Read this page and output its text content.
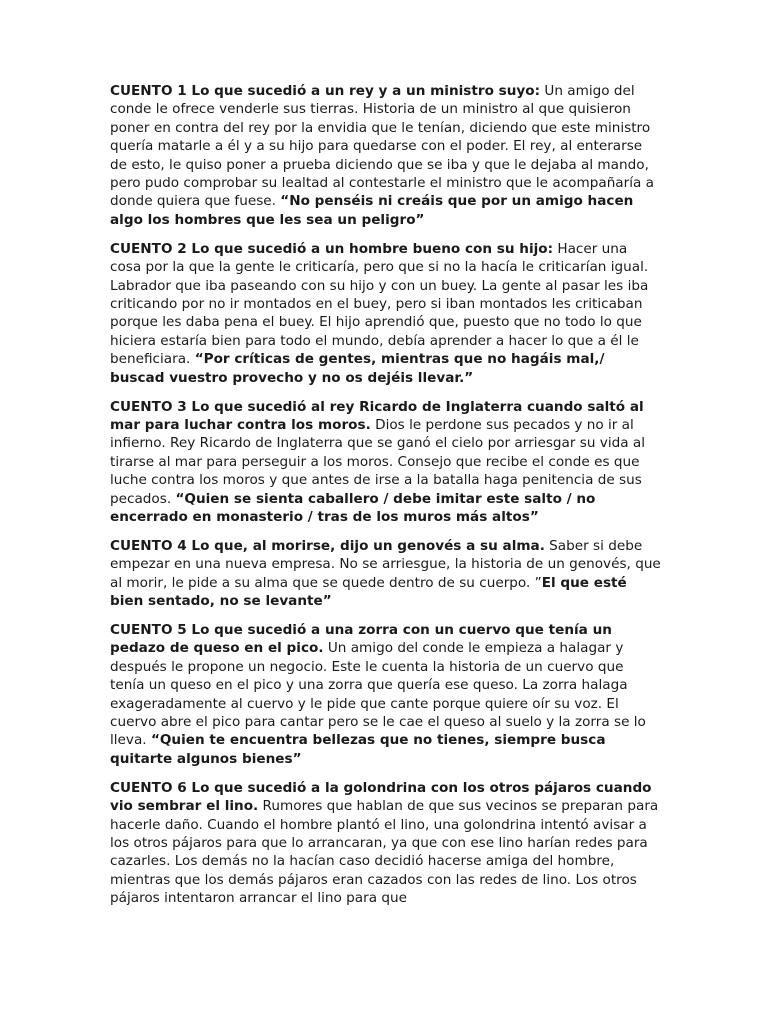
CUENTO 1 Lo que sucedió a un rey y a un ministro suyo: Un amigo del conde le ofrece venderle sus tierras. Historia de un ministro al que quisieron poner en contra del rey por la envidia que le tenían, diciendo que este ministro quería matarle a él y a su hijo para quedarse con el poder. El rey, al enterarse de esto, le quiso poner a prueba diciendo que se iba y que le dejaba al mando, pero pudo comprobar su lealtad al contestarle el ministro que le acompañaría a donde quiera que fuese. “No penséis ni creáis que por un amigo hacen algo los hombres que les sea un peligro”

CUENTO 2 Lo que sucedió a un hombre bueno con su hijo: Hacer una cosa por la que la gente le criticaría, pero que si no la hacía le criticarían igual. Labrador que iba paseando con su hijo y con un buey. La gente al pasar les iba criticando por no ir montados en el buey, pero si iban montados les criticaban porque les daba pena el buey. El hijo aprendió que, puesto que no todo lo que hiciera estaría bien para todo el mundo, debía aprender a hacer lo que a él le beneficiara. “Por críticas de gentes, mientras que no hagáis mal,/ buscad vuestro provecho y no os dejéis llevar.”

CUENTO 3 Lo que sucedió al rey Ricardo de Inglaterra cuando saltó al mar para luchar contra los moros. Dios le perdone sus pecados y no ir al infierno. Rey Ricardo de Inglaterra que se ganó el cielo por arriesgar su vida al tirarse al mar para perseguir a los moros. Consejo que recibe el conde es que luche contra los moros y que antes de irse a la batalla haga penitencia de sus pecados. “Quien se sienta caballero / debe imitar este salto / no encerrado en monasterio / tras de los muros más altos”

CUENTO 4 Lo que, al morirse, dijo un genovés a su alma. Saber si debe empezar en una nueva empresa. No se arriesgue, la historia de un genovés, que al morir, le pide a su alma que se quede dentro de su cuerpo. ”El que esté bien sentado, no se levante”

CUENTO 5 Lo que sucedió a una zorra con un cuervo que tenía un pedazo de queso en el pico. Un amigo del conde le empieza a halagar y después le propone un negocio. Este le cuenta la historia de un cuervo que tenía un queso en el pico y una zorra que quería ese queso. La zorra halaga exageradamente al cuervo y le pide que cante porque quiere oír su voz. El cuervo abre el pico para cantar pero se le cae el queso al suelo y la zorra se lo lleva. “Quien te encuentra bellezas que no tienes, siempre busca quitarte algunos bienes”

CUENTO 6 Lo que sucedió a la golondrina con los otros pájaros cuando vio sembrar el lino. Rumores que hablan de que sus vecinos se preparan para hacerle daño. Cuando el hombre plantó el lino, una golondrina intentó avisar a los otros pájaros para que lo arrancaran, ya que con ese lino harían redes para cazarles. Los demás no la hacían caso decidió hacerse amiga del hombre, mientras que los demás pájaros eran cazados con las redes de lino. Los otros pájaros intentaron arrancar el lino para que
